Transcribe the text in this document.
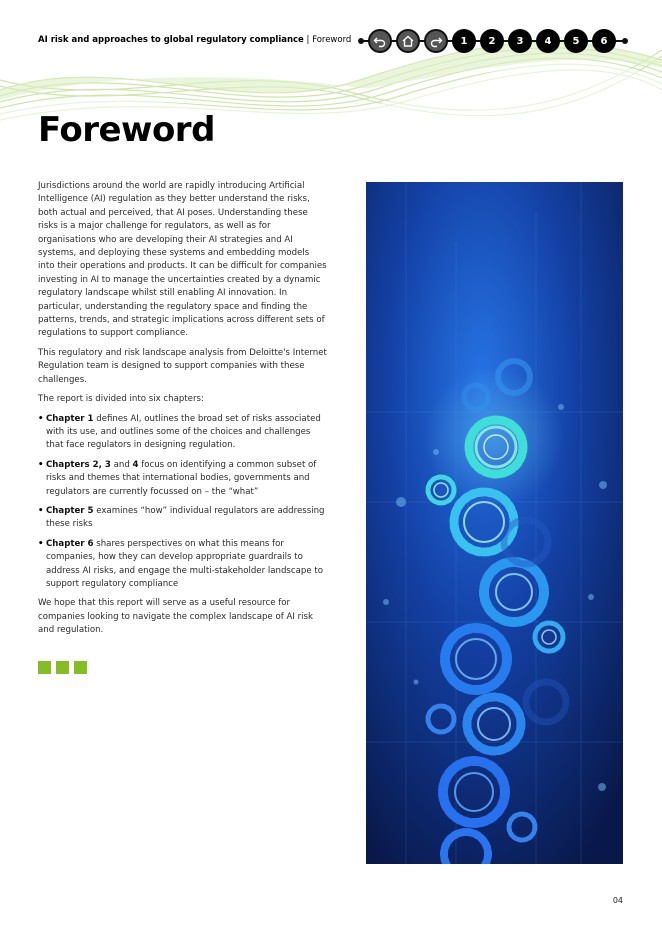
AI risk and approaches to global regulatory compliance | Foreword	1	2	3	4	5	6
Foreword

Jurisdictions around the world are rapidly introducing Artificial Intelligence (AI) regulation as they better understand the risks, both actual and perceived, that AI poses. Understanding these risks is a major challenge for regulators, as well as for organisations who are developing their AI strategies and AI systems, and deploying these systems and embedding models into their operations and products. It can be difficult for companies investing in AI to manage the uncertainties created by a dynamic regulatory landscape whilst still enabling AI innovation. In particular, understanding the regulatory space and finding the patterns, trends, and strategic implications across different sets of regulations to support compliance.

This regulatory and risk landscape analysis from Deloitte's Internet Regulation team is designed to support companies with these challenges.

The report is divided into six chapters:

• Chapter 1 defines AI, outlines the broad set of risks associated with its use, and outlines some of the choices and challenges that face regulators in designing regulation.
• Chapters 2, 3 and 4 focus on identifying a common subset of risks and themes that international bodies, governments and regulators are currently focussed on – the “what”
• Chapter 5 examines “how” individual regulators are addressing these risks
• Chapter 6 shares perspectives on what this means for companies, how they can develop appropriate guardrails to address AI risks, and engage the multi-stakeholder landscape to support regulatory compliance

We hope that this report will serve as a useful resource for companies looking to navigate the complex landscape of AI risk and regulation.

04
